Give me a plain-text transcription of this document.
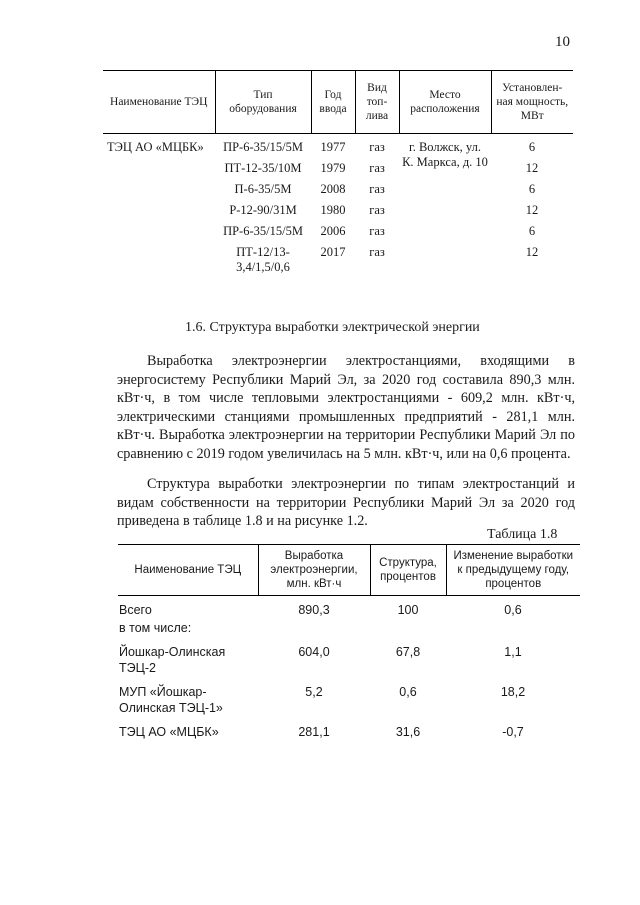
10
Наименование ТЭЦ	Тип оборудования	Год ввода	Вид топ-лива	Место расположения	Установлен-ная мощность, МВт
ТЭЦ АО «МЦБК»	ПР-6-35/15/5М	1977	газ	г. Волжск, ул. К. Маркса, д. 10	6
	ПТ-12-35/10М	1979	газ		12
	П-6-35/5М	2008	газ		6
	Р-12-90/31М	1980	газ		12
	ПР-6-35/15/5М	2006	газ		6
	ПТ-12/13-3,4/1,5/0,6	2017	газ		12
1.6. Структура выработки электрической энергии

Выработка электроэнергии электростанциями, входящими в энергосистему Республики Марий Эл, за 2020 год составила 890,3 млн. кВт·ч, в том числе тепловыми электростанциями - 609,2 млн. кВт·ч, электрическими станциями промышленных предприятий - 281,1 млн. кВт·ч. Выработка электроэнергии на территории Республики Марий Эл по сравнению с 2019 годом увеличилась на 5 млн. кВт·ч, или на 0,6 процента.

Структура выработки электроэнергии по типам электростанций и видам собственности на территории Республики Марий Эл за 2020 год приведена в таблице 1.8 и на рисунке 1.2.

Таблица 1.8
Наименование ТЭЦ	Выработка электроэнергии, млн. кВт·ч	Структура, процентов	Изменение выработки к предыдущему году, процентов
Всего	890,3	100	0,6
в том числе:			
Йошкар-Олинская ТЭЦ-2	604,0	67,8	1,1
МУП «Йошкар-Олинская ТЭЦ-1»	5,2	0,6	18,2
ТЭЦ АО «МЦБК»	281,1	31,6	-0,7
